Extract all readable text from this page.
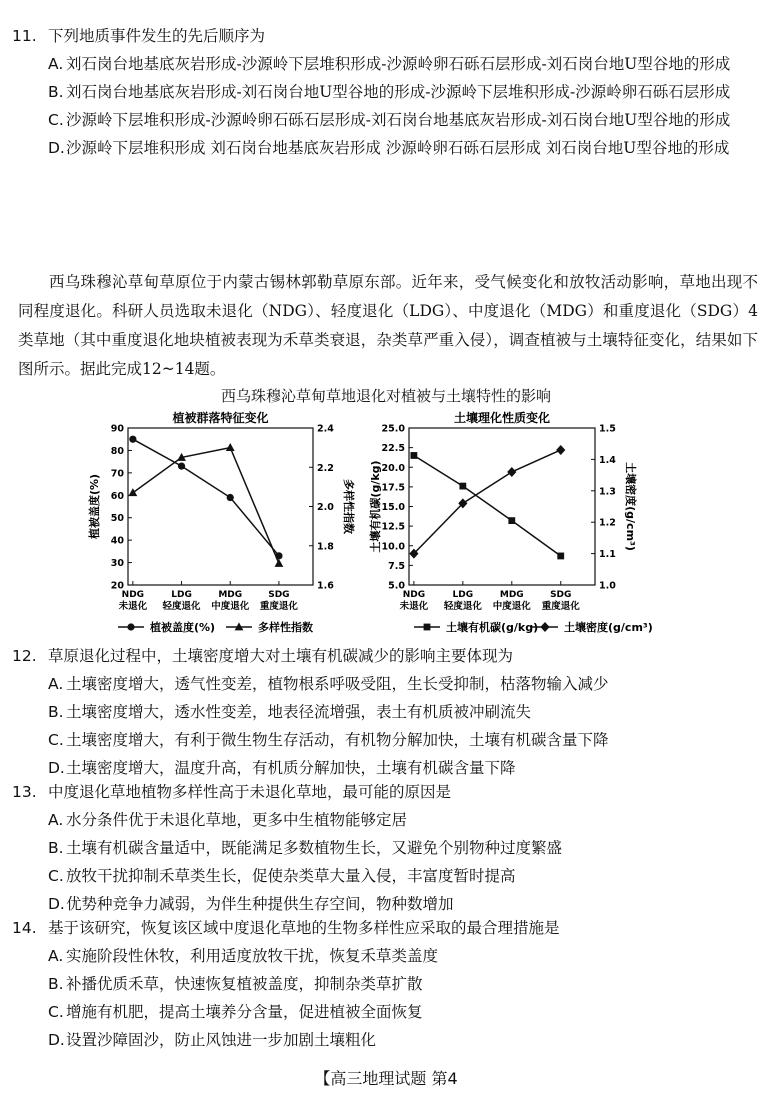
11. 下列地质事件发生的先后顺序为
A. 刘石岗台地基底灰岩形成-沙源岭下层堆积形成-沙源岭卵石砾石层形成-刘石岗台地U型谷地的形成
B. 刘石岗台地基底灰岩形成-刘石岗台地U型谷地的形成-沙源岭下层堆积形成-沙源岭卵石砾石层形成
C. 沙源岭下层堆积形成-沙源岭卵石砾石层形成-刘石岗台地基底灰岩形成-刘石岗台地U型谷地的形成
D. 沙源岭下层堆积形成 刘石岗台地基底灰岩形成 沙源岭卵石砾石层形成 刘石岗台地U型谷地的形成
西乌珠穆沁草甸草原位于内蒙古锡林郭勒草原东部。近年来，受气候变化和放牧活动影响，草地出现不同程度退化。科研人员选取未退化（NDG）、轻度退化（LDG）、中度退化（MDG）和重度退化（SDG）4类草地（其中重度退化地块植被表现为禾草类衰退，杂类草严重入侵），调查植被与土壤特征变化，结果如下图所示。据此完成12~14题。
西乌珠穆沁草甸草地退化对植被与土壤特性的影响
植被群落特征变化
20
30
40
50
60
70
80
90
1.6
1.8
2.0
2.2
2.4
植被盖度(%)	多样性指数
NDG
未退化
LDG
轻度退化
MDG
中度退化
SDG
重度退化
植被盖度(%)	多样性指数
土壤理化性质变化
5.0
7.5
10.0
12.5
15.0
17.5
20.0
22.5
25.0
1.0
1.1
1.2
1.3
1.4
1.5
土壤有机碳(g/kg)	土壤密度(g/cm³)
NDG
未退化
LDG
轻度退化
MDG
中度退化
SDG
重度退化
土壤有机碳(g/kg) 土壤密度(g/cm³)
12. 草原退化过程中，土壤密度增大对土壤有机碳减少的影响主要体现为
A. 土壤密度增大，透气性变差，植物根系呼吸受阻，生长受抑制，枯落物输入减少
B. 土壤密度增大，透水性变差，地表径流增强，表土有机质被冲刷流失
C. 土壤密度增大，有利于微生物生存活动，有机物分解加快，土壤有机碳含量下降
D. 土壤密度增大，温度升高，有机质分解加快，土壤有机碳含量下降
13. 中度退化草地植物多样性高于未退化草地，最可能的原因是
A. 水分条件优于未退化草地，更多中生植物能够定居
B. 土壤有机碳含量适中，既能满足多数植物生长，又避免个别物种过度繁盛
C. 放牧干扰抑制禾草类生长，促使杂类草大量入侵，丰富度暂时提高
D. 优势种竞争力减弱，为伴生种提供生存空间，物种数增加
14. 基于该研究，恢复该区域中度退化草地的生物多样性应采取的最合理措施是
A. 实施阶段性休牧，利用适度放牧干扰，恢复禾草类盖度
B. 补播优质禾草，快速恢复植被盖度，抑制杂类草扩散
C. 增施有机肥，提高土壤养分含量，促进植被全面恢复
D. 设置沙障固沙，防止风蚀进一步加剧土壤粗化
【高三地理试题 第4
